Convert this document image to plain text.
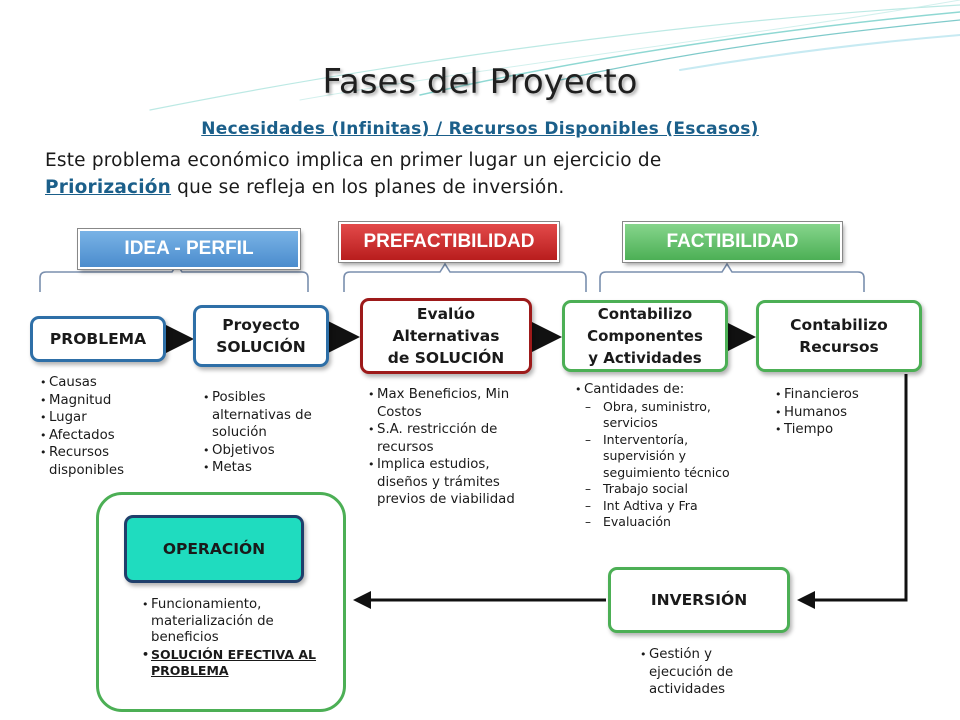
Fases del Proyecto
Necesidades (Infinitas) / Recursos Disponibles (Escasos)
Este problema económico implica en primer lugar un ejercicio de
Priorización que se refleja en los planes de inversión.
IDEA - PERFIL	PREFACTIBILIDAD	FACTIBILIDAD
PROBLEMA
Proyecto
SOLUCIÓN
Evalúo
Alternativas
de SOLUCIÓN
Contabilizo
Componentes
y Actividades
Contabilizo
Recursos
OPERACIÓN
INVERSIÓN
• Causas
• Magnitud
• Lugar
• Afectados
• Recursos disponibles
• Posibles alternativas de solución
• Objetivos
• Metas
• Max Beneficios, Min Costos
• S.A. restricción de recursos
• Implica estudios, diseños y trámites previos de viabilidad
• Cantidades de:
– Obra, suministro, servicios
– Interventoría, supervisión y seguimiento técnico
– Trabajo social
– Int Adtiva y Fra
– Evaluación
• Financieros
• Humanos
• Tiempo
• Funcionamiento, materialización de beneficios
• SOLUCIÓN EFECTIVA AL PROBLEMA
• Gestión y ejecución de actividades
